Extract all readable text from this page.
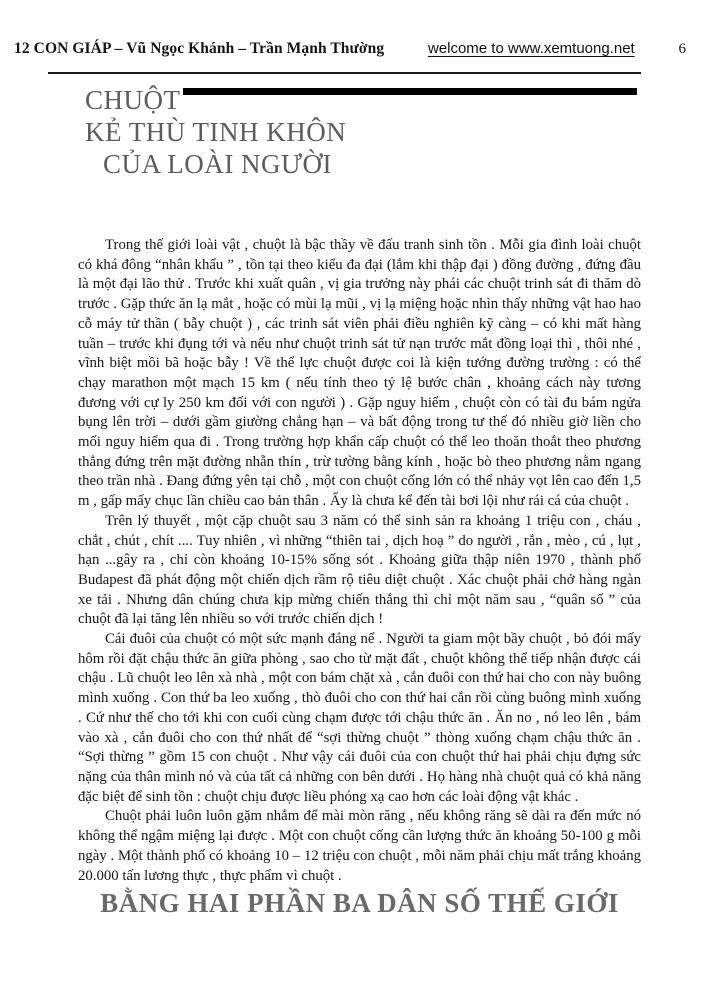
12 CON GIÁP – Vũ Ngọc Khánh – Trần Mạnh Thường	welcome to www.xemtuong.net	6
CHUỘT
KẺ THÙ TINH KHÔN
CỦA LOÀI NGƯỜI

Trong thế giới loài vật , chuột là bậc thầy về đấu tranh sinh tồn . Mỗi gia đình loài chuột có khá đông “nhân khẩu ” , tồn tại theo kiểu đa đại (lắm khi thập đại ) đồng đường , đứng đầu là một đại lão thử . Trước khi xuất quân , vị gia trưởng này phái các chuột trinh sát đi thăm dò trước . Gặp thức ăn lạ mắt , hoặc có mùi lạ mũi , vị lạ miệng hoặc nhìn thấy những vật hao hao cỗ máy tử thần ( bẫy chuột ) , các trinh sát viên phải điều nghiên kỹ càng – có khi mất hàng tuần – trước khi đụng tới và nếu như chuột trinh sát tử nạn trước mắt đồng loại thì , thôi nhé , vĩnh biệt mồi bã hoặc bẫy ! Về thể lực chuột được coi là kiện tướng đường trường : có thể chạy marathon một mạch 15 km ( nếu tính theo tỷ lệ bước chân , khoảng cách này tương đương với cự ly 250 km đối với con người ) . Gặp nguy hiểm , chuột còn có tài đu bám ngửa bụng lên trời – dưới gầm giường chẳng hạn – và bất động trong tư thế đó nhiều giờ liền cho mối nguy hiểm qua đi . Trong trường hợp khẩn cấp chuột có thể leo thoăn thoắt theo phương thẳng đứng trên mặt đường nhẵn thín , trừ tường bằng kính , hoặc bò theo phương nằm ngang theo trần nhà . Đang đứng yên tại chỗ , một con chuột cống lớn có thể nhảy vọt lên cao đến 1,5 m , gấp mấy chục lần chiều cao bản thân . Ấy là chưa kể đến tài bơi lội như rái cá của chuột .

Trên lý thuyết , một cặp chuột sau 3 năm có thể sinh sản ra khoảng 1 triệu con , cháu , chắt , chút , chít .... Tuy nhiên , vì những “thiên tai , dịch hoạ ” do người , rắn , mèo , cú , lụt , hạn ...gây ra , chỉ còn khoảng 10-15% sống sót . Khoảng giữa thập niên 1970 , thành phố Budapest đã phát động một chiến dịch rầm rộ tiêu diệt chuột . Xác chuột phải chở hàng ngàn xe tải . Nhưng dân chúng chưa kịp mừng chiến thắng thì chỉ một năm sau , “quân số ” của chuột đã lại tăng lên nhiều so với trước chiến dịch !

Cái đuôi của chuột có một sức mạnh đáng nể . Người ta giam một bầy chuột , bỏ đói mấy hôm rồi đặt chậu thức ăn giữa phòng , sao cho từ mặt đất , chuột không thể tiếp nhận được cái chậu . Lũ chuột leo lên xà nhà , một con bám chặt xà , cắn đuôi con thứ hai cho con này buông mình xuống . Con thứ ba leo xuống , thò đuôi cho con thứ hai cắn rồi cùng buông mình xuống . Cứ như thế cho tới khi con cuối cùng chạm được tới chậu thức ăn . Ăn no , nó leo lên , bám vào xà , cắn đuôi cho con thứ nhất để “sợi thừng chuột ” thòng xuống chạm chậu thức ăn . “Sợi thừng ” gồm 15 con chuột . Như vậy cái đuôi của con chuột thứ hai phải chịu đựng sức nặng của thân mình nó và của tất cả những con bên dưới . Họ hàng nhà chuột quả có khả năng đặc biệt để sinh tồn : chuột chịu được liều phóng xạ cao hơn các loài động vật khác .

Chuột phải luôn luôn gặm nhắm để mài mòn răng , nếu không răng sẽ dài ra đến mức nó không thể ngậm miệng lại được . Một con chuột cống cần lượng thức ăn khoảng 50-100 g mỗi ngày . Một thành phố có khoảng 10 – 12 triệu con chuột , mỗi năm phải chịu mất trắng khoảng 20.000 tấn lương thực , thực phẩm vì chuột .

BẰNG HAI PHẦN BA DÂN SỐ THẾ GIỚI
